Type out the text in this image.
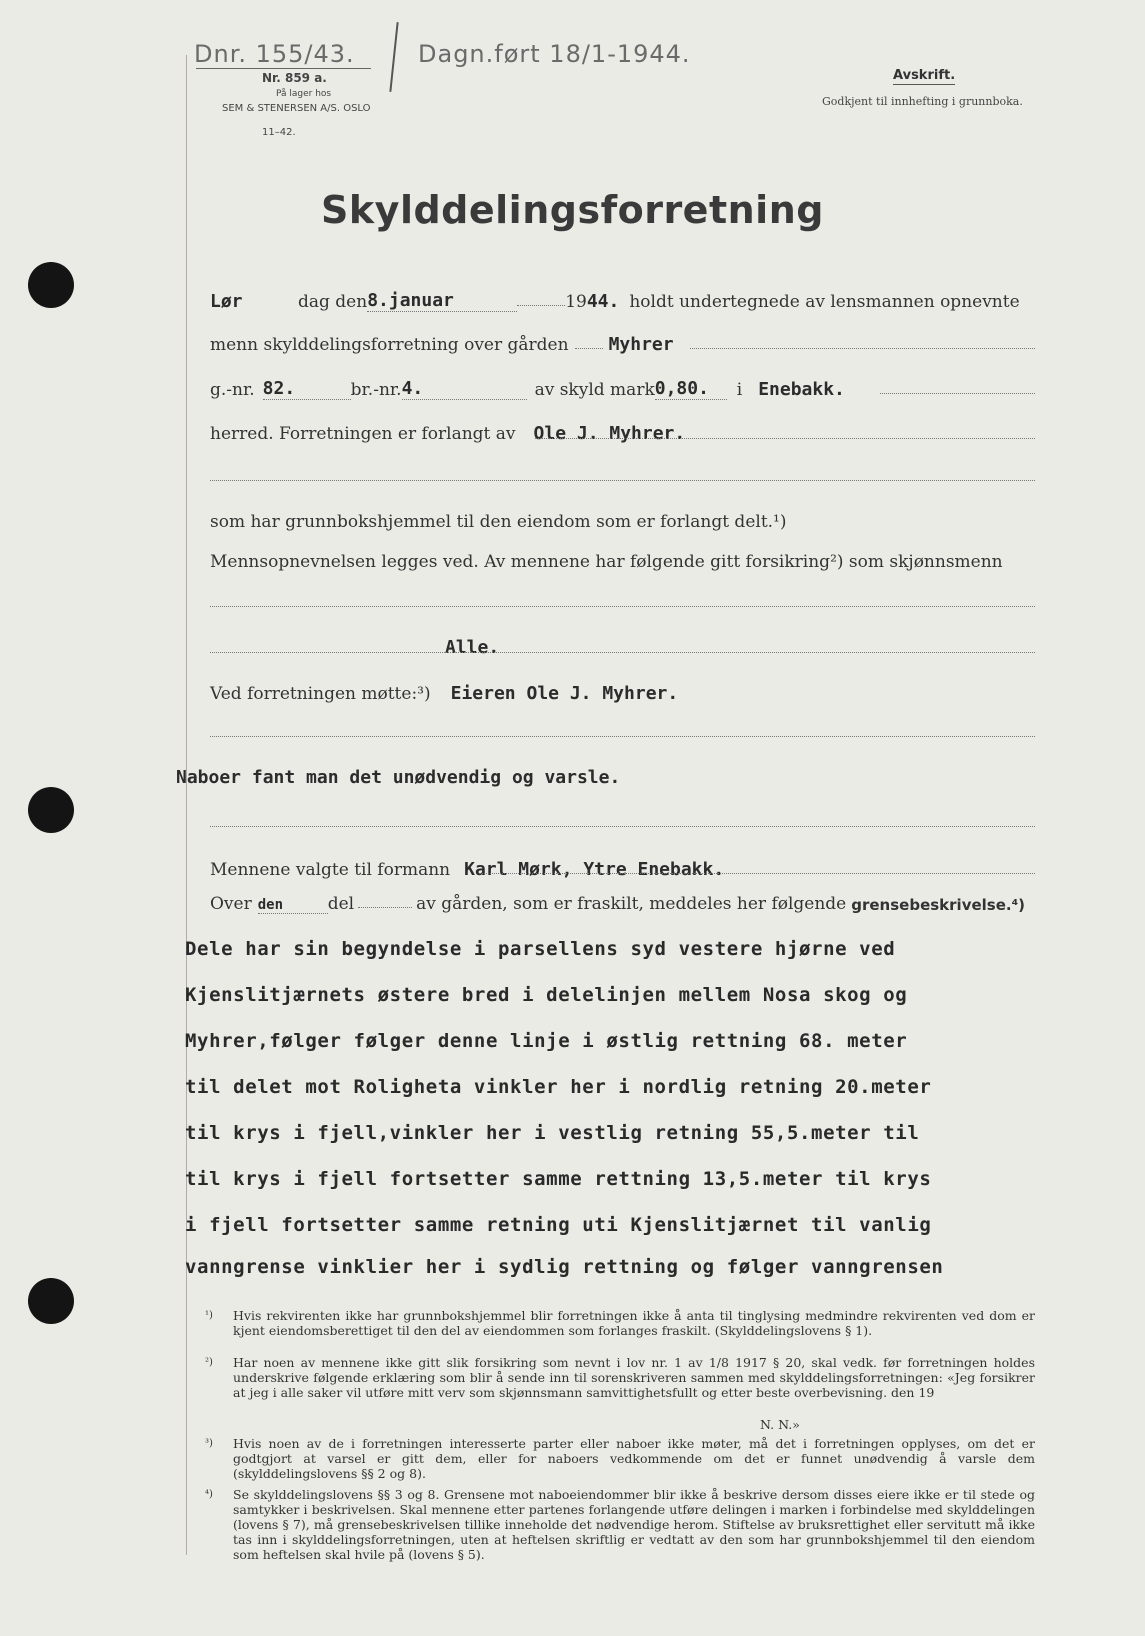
Dnr. 155/43.	Dagn.ført 18/1-1944.
Nr. 859 a.
På lager hos
SEM & STENERSEN A/S. OSLO
11–42.
Avskrift.
Godkjent til innhefting i grunnboka.
Skylddelingsforretning
Lør	dag den 8.januar	19 44. holdt undertegnede av lensmannen opnevnte
menn skylddelingsforretning over gården Myhrer
g.-nr. 82.	br.-nr. 4.	av skyld mark 0,80.	i Enebakk.
herred. Forretningen er forlangt av Ole J. Myhrer.
som har grunnbokshjemmel til den eiendom som er forlangt delt.¹)
Mennsopnevnelsen legges ved. Av mennene har følgende gitt forsikring²) som skjønnsmenn
Alle.
Ved forretningen møtte:³) Eieren Ole J. Myhrer.
Naboer fant man det unødvendig og varsle.
Mennene valgte til formann Karl Mørk, Ytre Enebakk.
Over den	del	av gården, som er fraskilt, meddeles her følgende grensebeskrivelse.⁴)
Dele har sin begyndelse i parsellens syd vestere hjørne ved
Kjenslitjærnets østere bred i delelinjen mellem Nosa skog og
Myhrer,følger følger denne linje i østlig rettning 68. meter
til delet mot Roligheta vinkler her i nordlig retning 20.meter
til krys i fjell,vinkler her i vestlig retning 55,5.meter til
til krys i fjell fortsetter samme rettning 13,5.meter til krys
i fjell fortsetter samme retning uti Kjenslitjærnet til vanlig
vanngrense vinklier her i sydlig rettning og følger vanngrensen
¹) Hvis rekvirenten ikke har grunnbokshjemmel blir forretningen ikke å anta til tinglysing medmindre rekvirenten ved dom er kjent eiendomsberettiget til den del av eiendommen som forlanges fraskilt. (Skylddelingslovens § 1).
²) Har noen av mennene ikke gitt slik forsikring som nevnt i lov nr. 1 av 1/8 1917 § 20, skal vedk. før forretningen holdes underskrive følgende erklæring som blir å sende inn til sorenskriveren sammen med skylddelingsforretningen: «Jeg forsikrer at jeg i alle saker vil utføre mitt verv som skjønnsmann samvittighetsfullt og etter beste overbevisning. den 19
N. N.»
³) Hvis noen av de i forretningen interesserte parter eller naboer ikke møter, må det i forretningen opplyses, om det er godtgjort at varsel er gitt dem, eller for naboers vedkommende om det er funnet unødvendig å varsle dem (skylddelingslovens §§ 2 og 8).
⁴) Se skylddelingslovens §§ 3 og 8. Grensene mot naboeiendommer blir ikke å beskrive dersom disses eiere ikke er til stede og samtykker i beskrivelsen. Skal mennene etter partenes forlangende utføre delingen i marken i forbindelse med skylddelingen (lovens § 7), må grensebeskrivelsen tillike inneholde det nødvendige herom. Stiftelse av bruksrettighet eller servitutt må ikke tas inn i skylddelingsforretningen, uten at heftelsen skriftlig er vedtatt av den som har grunnbokshjemmel til den eiendom som heftelsen skal hvile på (lovens § 5).
